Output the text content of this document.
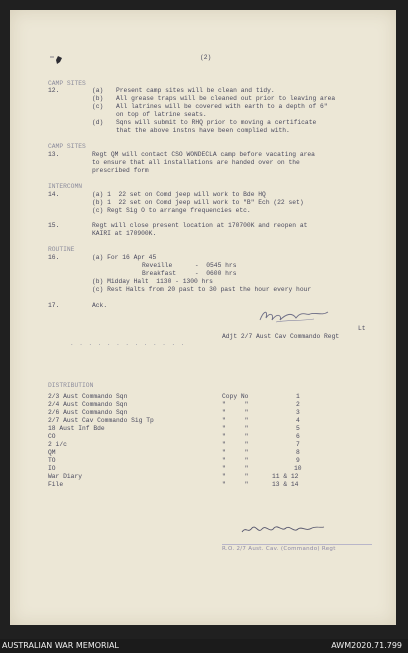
(2)
CAMP SITES
12.	(a) Present camp sites will be clean and tidy.
(b) All grease traps will be cleaned out prior to leaving area
(c) All latrines will be covered with earth to a depth of 6"
on top of latrine seats.
(d) Sqns will submit to RHQ prior to moving a certificate
that the above instns have been complied with.
CAMP SITES
13.	Regt QM will contact CSO WONDECLA camp before vacating area
to ensure that all installations are handed over on the
prescribed form
INTERCOMN
14.	(a) 1  22 set on Comd jeep will work to Bde HQ
(b) 1  22 set on Comd jeep will work to "B" Ech (22 set)
(c) Regt Sig O to arrange frequencies etc.
15.	Regt will close present location at 170700K and reopen at
KAIRI at 170900K.
ROUTINE
16.	(a) For 16 Apr 45
Reveille      -  0545 hrs
Breakfast     -  0600 hrs
(b) Midday Halt  1130 - 1300 hrs
(c) Rest Halts from 20 past to 30 past the hour every hour
17.	Ack.
Lt
Adjt 2/7 Aust Cav Commando Regt
DISTRIBUTION
2/3 Aust Commando Sqn	Copy No	1
2/4 Aust Commando Sqn	"     "	2
2/6 Aust Commando Sqn	"     "	3
2/7 Aust Cav Commando Sig Tp	"     "	4
18 Aust Inf Bde	"     "	5
CO	"     "	6
2 i/c	"     "	7
QM	"     "	8
TO	"     "	9
IO	"     "	10
War Diary	"     "	11 & 12
File	"     "	13 & 14
. . . . . . . . . . . . .
R.O. 2/7 Aust. Cav. (Commando) Regt
AUSTRALIAN WAR MEMORIAL	AWM2020.71.799
